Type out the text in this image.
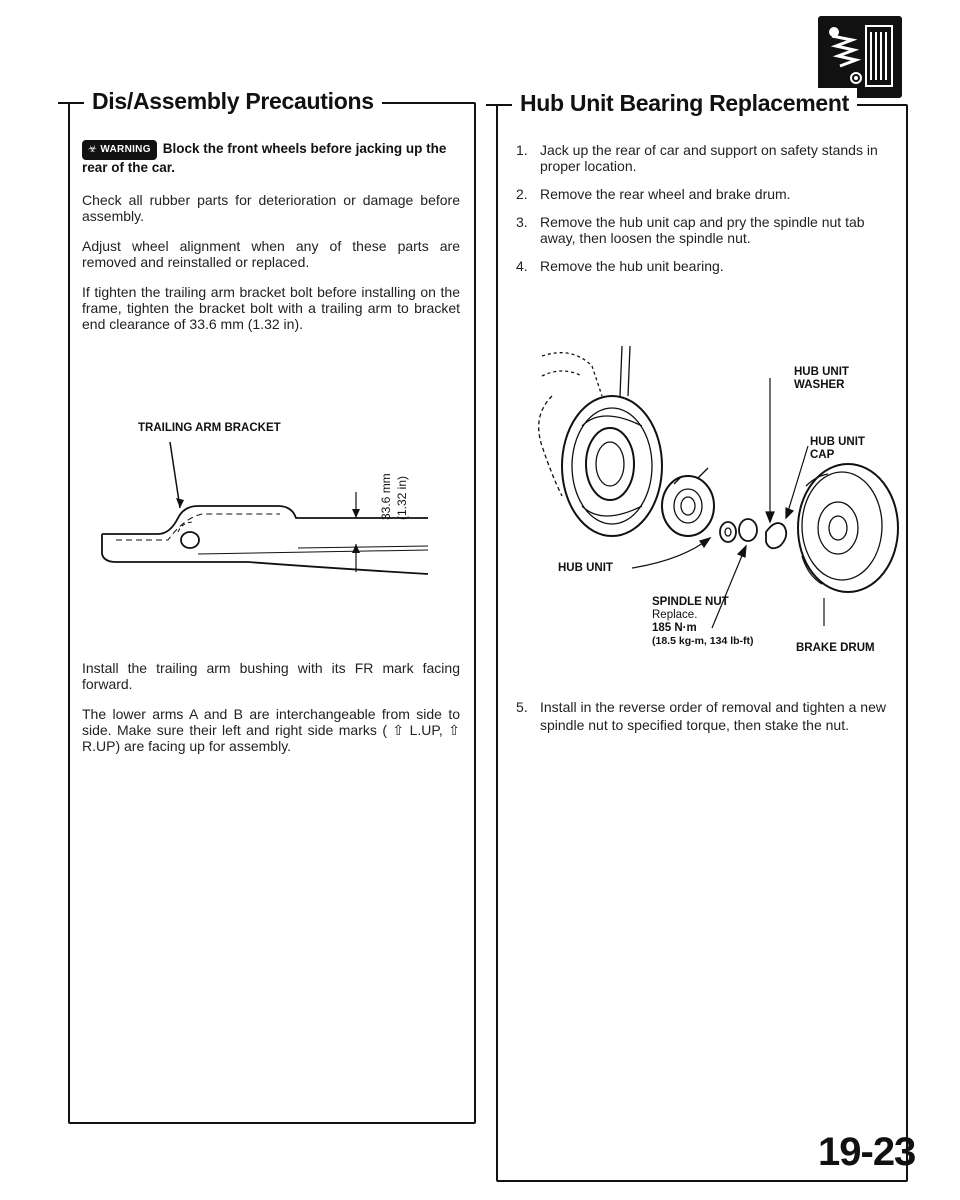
Dis/Assembly Precautions
☣ WARNING Block the front wheels before jacking up the rear of the car.

Check all rubber parts for deterioration or damage before assembly.

Adjust wheel alignment when any of these parts are removed and reinstalled or replaced.

If tighten the trailing arm bracket bolt before installing on the frame, tighten the bracket bolt with a trailing arm to bracket end clearance of 33.6 mm (1.32 in).

TRAILING ARM BRACKET
33.6 mm (1.32 in)

Install the trailing arm bushing with its FR mark facing forward.

The lower arms A and B are interchangeable from side to side. Make sure their left and right side marks ( ⇧ L.UP, ⇧ R.UP) are facing up for assembly.

Hub Unit Bearing Replacement
1. Jack up the rear of car and support on safety stands in proper location.
2. Remove the rear wheel and brake drum.
3. Remove the hub unit cap and pry the spindle nut tab away, then loosen the spindle nut.
4. Remove the hub unit bearing.
HUB UNIT
WASHER
HUB UNIT
CAP
HUB UNIT
SPINDLE NUT
Replace.
185 N·m
(18.5 kg-m, 134 lb-ft)
BRAKE DRUM
5. Install in the reverse order of removal and tighten a new spindle nut to specified torque, then stake the nut.
19-23
